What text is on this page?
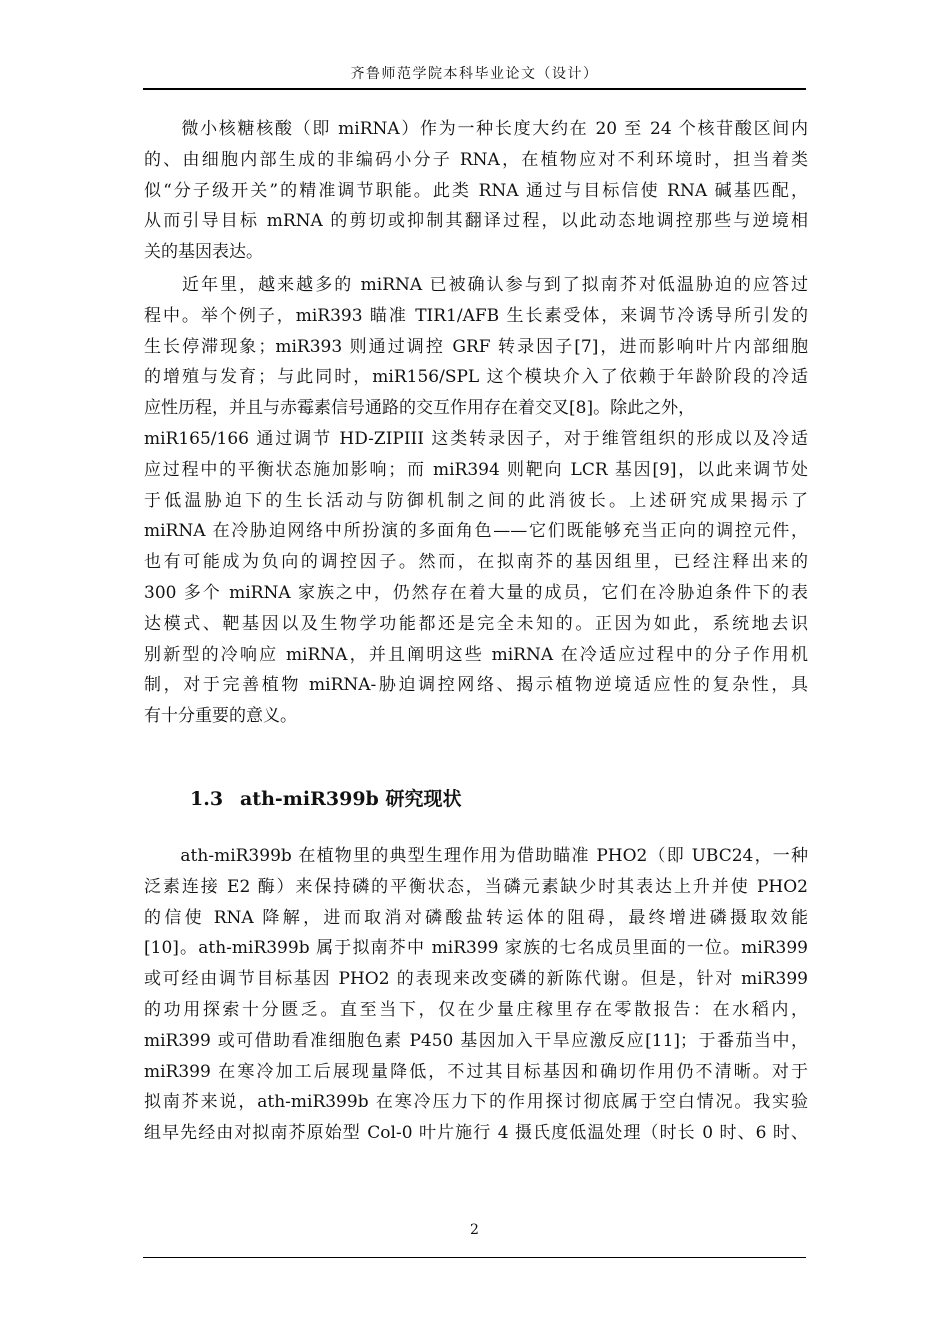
齐鲁师范学院本科毕业论文（设计）
　　微小核糖核酸（即 miRNA）作为一种长度大约在 20 至 24 个核苷酸区间内
的、由细胞内部生成的非编码小分子 RNA，在植物应对不利环境时，担当着类
似“分子级开关”的精准调节职能。此类 RNA 通过与目标信使 RNA 碱基匹配，
从而引导目标 mRNA 的剪切或抑制其翻译过程，以此动态地调控那些与逆境相
关的基因表达。
　　近年里，越来越多的 miRNA 已被确认参与到了拟南芥对低温胁迫的应答过
程中。举个例子，miR393 瞄准 TIR1/AFB 生长素受体，来调节冷诱导所引发的
生长停滞现象；miR393 则通过调控 GRF 转录因子[7]，进而影响叶片内部细胞
的增殖与发育；与此同时，miR156/SPL 这个模块介入了依赖于年龄阶段的冷适
应性历程，并且与赤霉素信号通路的交互作用存在着交叉[8]。除此之外，
miR165/166 通过调节 HD-ZIPIII 这类转录因子，对于维管组织的形成以及冷适
应过程中的平衡状态施加影响；而 miR394 则靶向 LCR 基因[9]，以此来调节处
于低温胁迫下的生长活动与防御机制之间的此消彼长。上述研究成果揭示了
miRNA 在冷胁迫网络中所扮演的多面角色——它们既能够充当正向的调控元件，
也有可能成为负向的调控因子。然而，在拟南芥的基因组里，已经注释出来的
300 多个 miRNA 家族之中，仍然存在着大量的成员，它们在冷胁迫条件下的表
达模式、靶基因以及生物学功能都还是完全未知的。正因为如此，系统地去识
别新型的冷响应 miRNA，并且阐明这些 miRNA 在冷适应过程中的分子作用机
制，对于完善植物 miRNA-胁迫调控网络、揭示植物逆境适应性的复杂性，具
有十分重要的意义。
1.3 ath-miR399b 研究现状
　　ath-miR399b 在植物里的典型生理作用为借助瞄准 PHO2（即 UBC24，一种
泛素连接 E2 酶）来保持磷的平衡状态，当磷元素缺少时其表达上升并使 PHO2
的信使 RNA 降解，进而取消对磷酸盐转运体的阻碍，最终增进磷摄取效能
[10]。ath-miR399b 属于拟南芥中 miR399 家族的七名成员里面的一位。miR399
或可经由调节目标基因 PHO2 的表现来改变磷的新陈代谢。但是，针对 miR399
的功用探索十分匮乏。直至当下，仅在少量庄稼里存在零散报告：在水稻内，
miR399 或可借助看准细胞色素 P450 基因加入干旱应激反应[11]；于番茄当中，
miR399 在寒冷加工后展现量降低，不过其目标基因和确切作用仍不清晰。对于
拟南芥来说，ath-miR399b 在寒冷压力下的作用探讨彻底属于空白情况。我实验
组早先经由对拟南芥原始型 Col-0 叶片施行 4 摄氏度低温处理（时长 0 时、6 时、
2
